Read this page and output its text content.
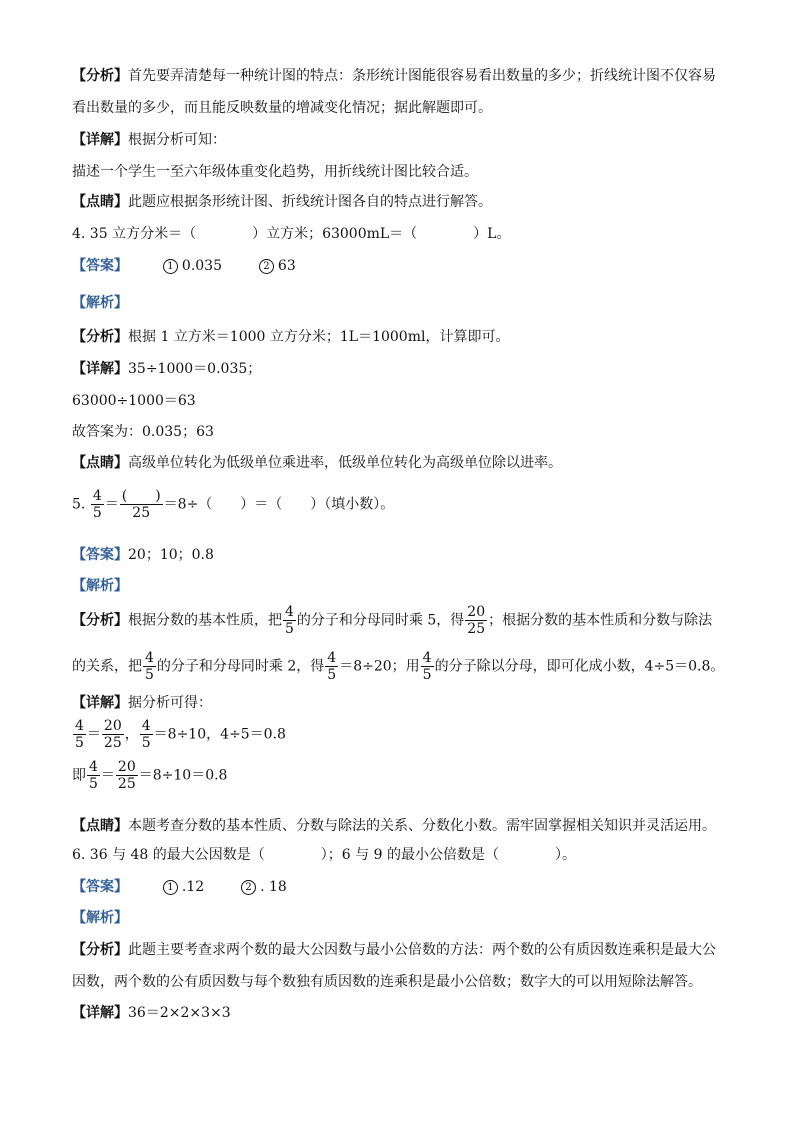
【分析】首先要弄清楚每一种统计图的特点：条形统计图能很容易看出数量的多少；折线统计图不仅容易
看出数量的多少，而且能反映数量的增减变化情况；据此解题即可。
【详解】根据分析可知：
描述一个学生一至六年级体重变化趋势，用折线统计图比较合适。
【点睛】此题应根据条形统计图、折线统计图各自的特点进行解答。
4. 35 立方分米＝（　　　　）立方米；63000mL＝（　　　　）L。
【答案】	1 0.035	2 63
【解析】
【分析】根据 1 立方米＝1000 立方分米；1L＝1000ml，计算即可。
【详解】35÷1000＝0.035；
63000÷1000＝63
故答案为：0.035；63
【点睛】高级单位转化为低级单位乘进率，低级单位转化为高级单位除以进率。
5. $\frac{4}{5} = \frac{( )}{25} =8\div$（　　）＝（　　）（填小数）。
【答案】20；10；0.8
【解析】
【分析】根据分数的基本性质，把 $\frac{4}{5}$ 的分子和分母同时乘 5，得 $\frac{20}{25}$ ；根据分数的基本性质和分数与除法
的关系，把 $\frac{4}{5}$ 的分子和分母同时乘 2，得 $\frac{4}{5} =8\div 20$；用 $\frac{4}{5}$ 的分子除以分母，即可化成小数，4÷5＝0.8。
【详解】据分析可得：
$\frac{4}{5} = \frac{20}{25}$ ， $\frac{4}{5} =8\div 10$，4÷5＝0.8
即 $\frac{4}{5} = \frac{20}{25} =8\div 10=0.8$
【点睛】本题考查分数的基本性质、分数与除法的关系、分数化小数。需牢固掌握相关知识并灵活运用。
6. 36 与 48 的最大公因数是（　　　　）；6 与 9 的最小公倍数是（　　　　）。
【答案】	1 .12	2 . 18
【解析】
【分析】此题主要考查求两个数的最大公因数与最小公倍数的方法：两个数的公有质因数连乘积是最大公
因数，两个数的公有质因数与每个数独有质因数的连乘积是最小公倍数；数字大的可以用短除法解答。
【详解】36＝2×2×3×3
